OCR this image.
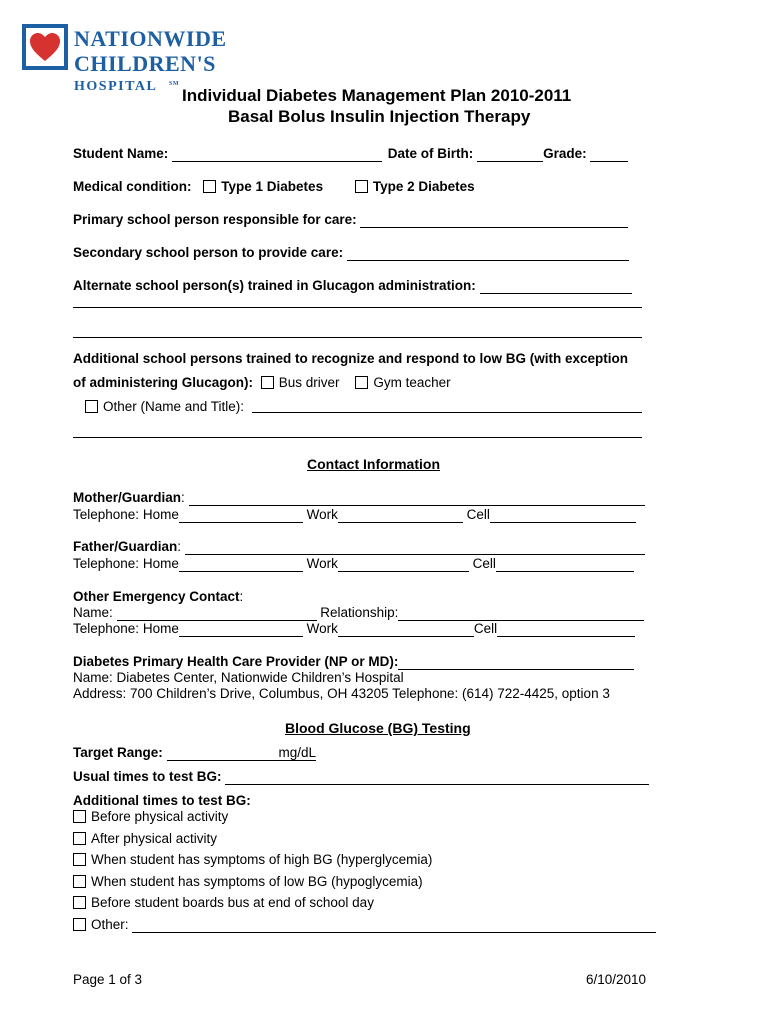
NATIONWIDE
CHILDREN'S
HOSPITAL SM
Individual Diabetes Management Plan 2010-2011
Basal Bolus Insulin Injection Therapy
Student Name:	Date of Birth:	Grade:
Medical condition: Type 1 Diabetes	Type 2 Diabetes
Primary school person responsible for care:
Secondary school person to provide care:
Alternate school person(s) trained in Glucagon administration:
Additional school persons trained to recognize and respond to low BG (with exception
of administering Glucagon): Bus driver	Gym teacher
Other (Name and Title):
Contact Information
Mother/Guardian:
Telephone: Home	Work	Cell
Father/Guardian:
Telephone: Home	Work	Cell
Other Emergency Contact:
Name:	Relationship:
Telephone: Home	Work	Cell
Diabetes Primary Health Care Provider (NP or MD):
Name: Diabetes Center, Nationwide Children’s Hospital
Address: 700 Children’s Drive, Columbus, OH 43205 Telephone: (614) 722-4425, option 3
Blood Glucose (BG) Testing
Target Range:	mg/dL
Usual times to test BG:
Additional times to test BG:
Before physical activity
After physical activity
When student has symptoms of high BG (hyperglycemia)
When student has symptoms of low BG (hypoglycemia)
Before student boards bus at end of school day
Other:
Page 1 of 3	6/10/2010
